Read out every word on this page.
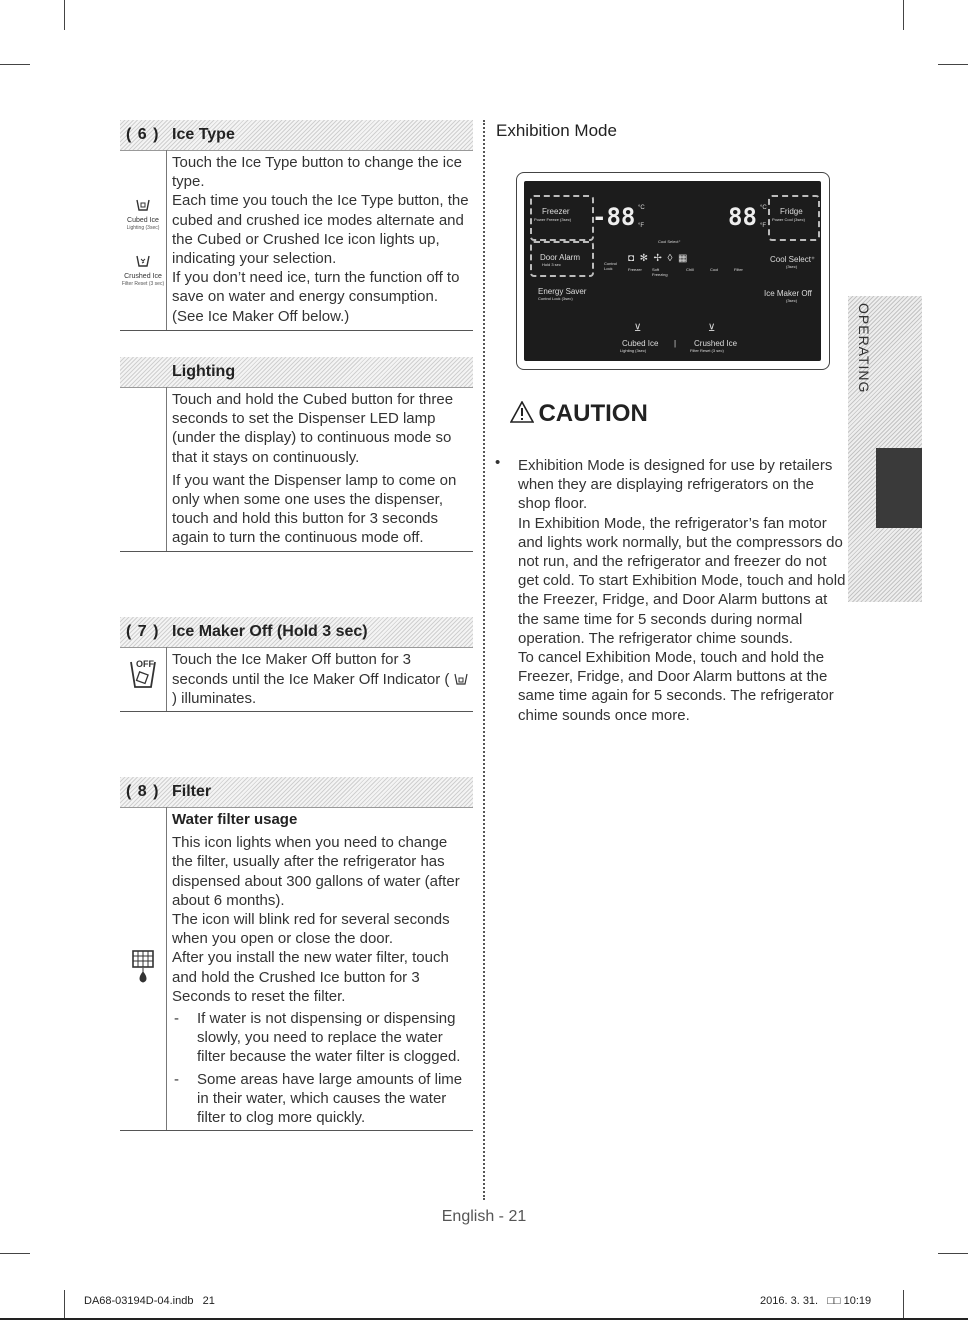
( 6 ) Ice Type
Cubed Ice
Lighting (3sec)
Crushed Ice
Filter Reset (3 sec)

Touch the Ice Type button to change the ice type.

Each time you touch the Ice Type button, the cubed and crushed ice modes alternate and the Cubed or Crushed Ice icon lights up, indicating your selection.

If you don’t need ice, turn the function off to save on water and energy consumption. (See Ice Maker Off below.)

Lighting

Touch and hold the Cubed button for three seconds to set the Dispenser LED lamp (under the display) to continuous mode so that it stays on continuously.

If you want the Dispenser lamp to come on only when some one uses the dispenser, touch and hold this button for 3 seconds again to turn the continuous mode off.

( 7 ) Ice Maker Off (Hold 3 sec)
OFF Touch the Ice Maker Off button for 3 seconds until the Ice Maker Off Indicator (  ) illuminates.
( 8 ) Filter

Water filter usage

This icon lights when you need to change the filter, usually after the refrigerator has dispensed about 300 gallons of water (after about 6 months).

The icon will blink red for several seconds when you open or close the door.

After you install the new water filter, touch and hold the Crushed Ice button for 3 Seconds to reset the filter.

-	If water is not dispensing or dispensing slowly, you need to replace the water filter because the water filter is clogged.
-	Some areas have large amounts of lime in their water, which causes the water filter to clog more quickly.
Exhibition Mode
Freezer
Power Freeze (3sec) -88 °C
°F
Door Alarm
Hold 3 sec
Energy Saver
Control Lock (3sec)
88 °C
°F
Fridge
Power Cool (3sec)
Cool Select⁺
Control Lock	Freezer	Soft Freezing
Chill	Cool	Filter
◘  ✻  ✢  ◊  ▦	Cool Select⁺
(3sec)
Ice Maker Off
(3sec)
⊻
Cubed Ice
Lighting (3sec)
|
⊻
Crushed Ice
Filter Reset (3 sec)
CAUTION
• Exhibition Mode is designed for use by retailers when they are displaying refrigerators on the shop floor.

In Exhibition Mode, the refrigerator’s fan motor and lights work normally, but the compressors do not run, and the refrigerator and freezer do not get cold. To start Exhibition Mode, touch and hold the Freezer, Fridge, and Door Alarm buttons at the same time for 5 seconds during normal operation. The refrigerator chime sounds.

To cancel Exhibition Mode, touch and hold the Freezer, Fridge, and Door Alarm buttons at the same time again for 5 seconds. The refrigerator chime sounds once more.

OPERATING
English - 21
DA68-03194D-04.indb   21	2016. 3. 31.   □□ 10:19
